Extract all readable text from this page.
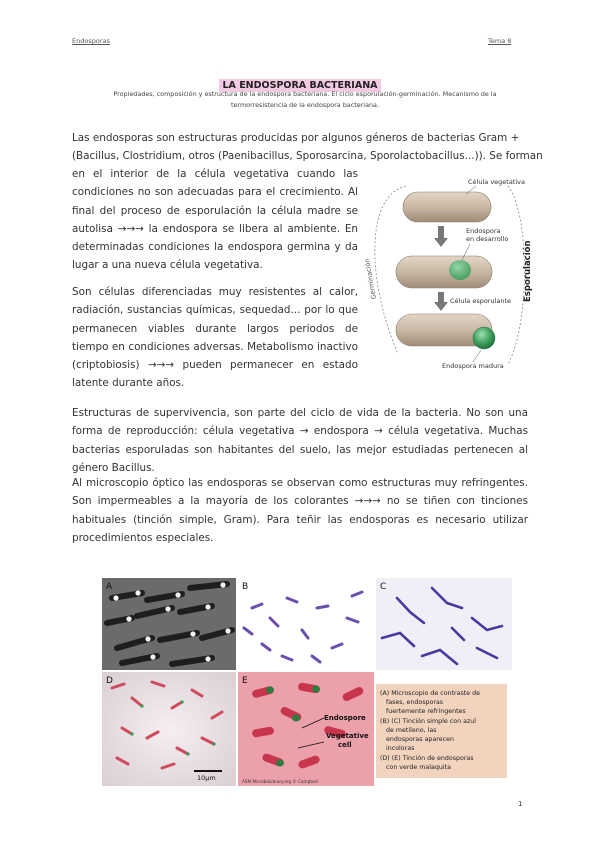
Endosporas	Tema 8
LA ENDOSPORA BACTERIANA
Propiedades, composición y estructura de la endospora bacteriana. El ciclo esporulación-germinación. Mecanismo de la termorresistencia de la endospora bacteriana.

Las endosporas son estructuras producidas por algunos géneros de bacterias Gram +

(Bacillus, Clostridium, otros (Paenibacillus, Sporosarcina, Sporolactobacillus...)). Se forman

en el interior de la célula vegetativa cuando las condiciones no son adecuadas para el crecimiento. Al final del proceso de esporulación la célula madre se autolisa →→→ la endospora se libera al ambiente. En determinadas condiciones la endospora germina y da lugar a una nueva célula vegetativa.

Son células diferenciadas muy resistentes al calor, radiación, sustancias químicas, sequedad... por lo que permanecen viables durante largos periodos de tiempo en condiciones adversas. Metabolismo inactivo (criptobiosis) →→→ pueden permanecer en estado latente durante años.

Estructuras de supervivencia, son parte del ciclo de vida de la bacteria. No son una forma de reproducción: célula vegetativa → endospora → célula vegetativa. Muchas bacterias esporuladas son habitantes del suelo, las mejor estudiadas pertenecen al género Bacillus.

Al microscopio óptico las endosporas se observan como estructuras muy refringentes. Son impermeables a la mayoría de los colorantes →→→ no se tiñen con tinciones habituales (tinción simple, Gram). Para teñir las endosporas es necesario utilizar procedimientos especiales.

Célula vegetativa
Endospora
en desarrollo
Célula esporulante
Endospora madura
Germinación	Esporulación
A	B	C
10µm
D
Endospore
Vegetative
cell
ASM MicrobeLibrary.org © Campbell
E
(A) Microscopio de contraste de
fases, endosporas
fuertemente refringentes
(B) (C) Tinción simple con azul
de metileno, las
endosporas aparecen
incoloras
(D) (E) Tinción de endosporas
con verde malaquita
1
